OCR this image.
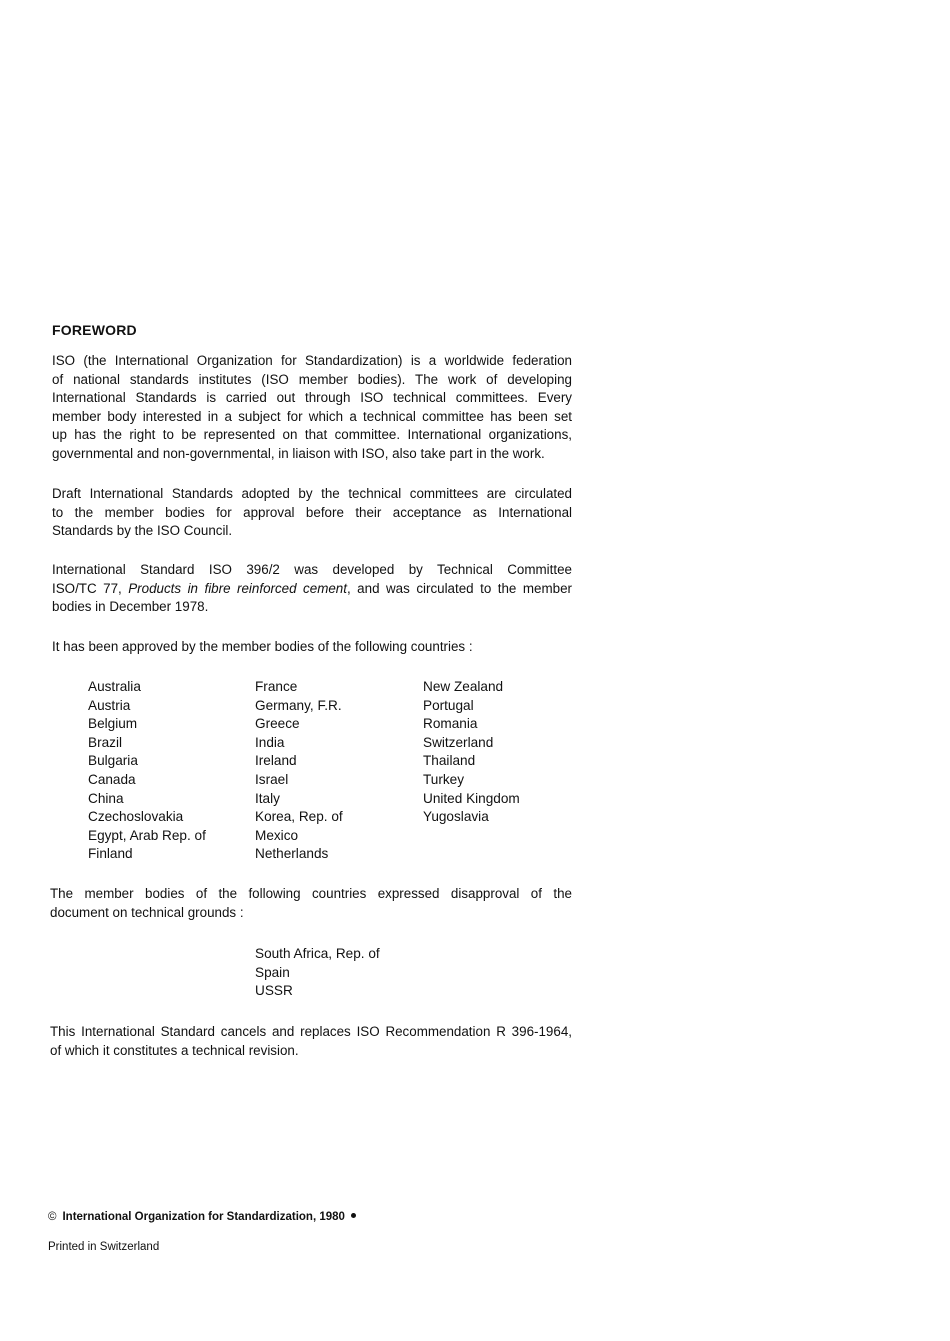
FOREWORD

ISO (the International Organization for Standardization) is a worldwide federation
of national standards institutes (ISO member bodies). The work of developing
International Standards is carried out through ISO technical committees. Every
member body interested in a subject for which a technical committee has been set
up has the right to be represented on that committee. International organizations,
governmental and non-governmental, in liaison with ISO, also take part in the work.

Draft International Standards adopted by the technical committees are circulated
to the member bodies for approval before their acceptance as International
Standards by the ISO Council.

International Standard ISO 396/2 was developed by Technical Committee
ISO/TC 77, Products in fibre reinforced cement, and was circulated to the member
bodies in December 1978.

It has been approved by the member bodies of the following countries :

Australia
Austria
Belgium
Brazil
Bulgaria
Canada
China
Czechoslovakia
Egypt, Arab Rep. of
Finland
France
Germany, F.R.
Greece
India
Ireland
Israel
Italy
Korea, Rep. of
Mexico
Netherlands
New Zealand
Portugal
Romania
Switzerland
Thailand
Turkey
United Kingdom
Yugoslavia

The member bodies of the following countries expressed disapproval of the
document on technical grounds :

South Africa, Rep. of
Spain
USSR

This International Standard cancels and replaces ISO Recommendation R 396-1964,
of which it constitutes a technical revision.

© International Organization for Standardization, 1980
Printed in Switzerland
